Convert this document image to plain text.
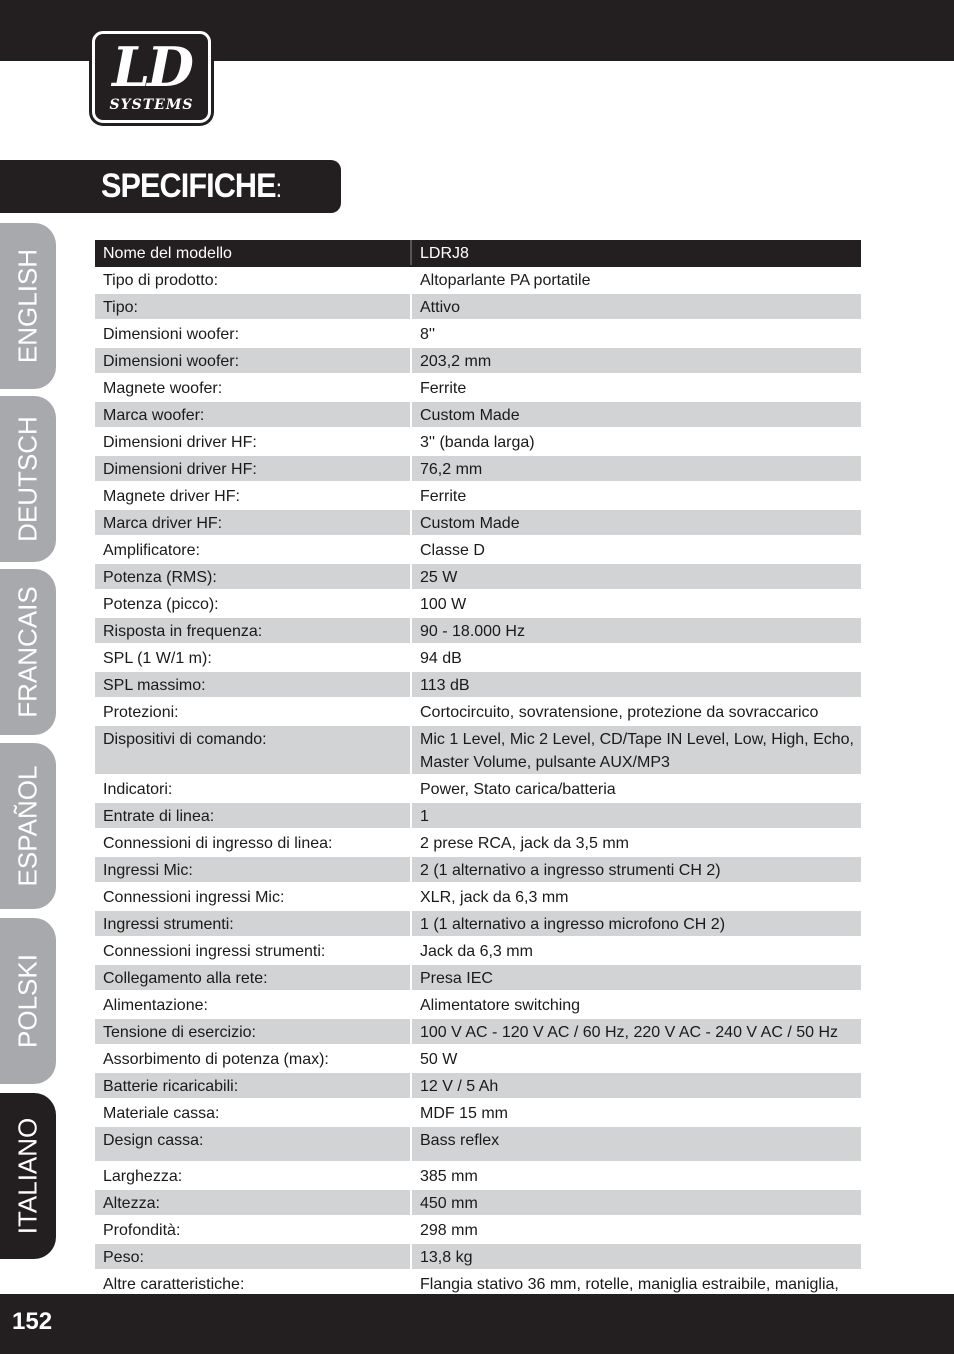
LD
SYSTEMS
SPECIFICHE:
ENGLISH
DEUTSCH
FRANCAIS
ESPAÑOL
POLSKI
ITALIANO
Nome del modello	LDRJ8
Tipo di prodotto:	Altoparlante PA portatile
Tipo:	Attivo
Dimensioni woofer:	8''
Dimensioni woofer:	203,2 mm
Magnete woofer:	Ferrite
Marca woofer:	Custom Made
Dimensioni driver HF:	3'' (banda larga)
Dimensioni driver HF:	76,2 mm
Magnete driver HF:	Ferrite
Marca driver HF:	Custom Made
Amplificatore:	Classe D
Potenza (RMS):	25 W
Potenza (picco):	100 W
Risposta in frequenza:	90 - 18.000 Hz
SPL (1 W/1 m):	94 dB
SPL massimo:	113 dB
Protezioni:	Cortocircuito, sovratensione, protezione da sovraccarico
Dispositivi di comando:	Mic 1 Level, Mic 2 Level, CD/Tape IN Level, Low, High, Echo,
Master Volume, pulsante AUX/MP3

Indicatori:	Power, Stato carica/batteria
Entrate di linea:	1
Connessioni di ingresso di linea:	2 prese RCA, jack da 3,5 mm
Ingressi Mic:	2 (1 alternativo a ingresso strumenti CH 2)
Connessioni ingressi Mic:	XLR, jack da 6,3 mm
Ingressi strumenti:	1 (1 alternativo a ingresso microfono CH 2)
Connessioni ingressi strumenti:	Jack da 6,3 mm
Collegamento alla rete:	Presa IEC
Alimentazione:	Alimentatore switching
Tensione di esercizio:	100 V AC - 120 V AC / 60 Hz, 220 V AC - 240 V AC / 50 Hz
Assorbimento di potenza (max):	50 W
Batterie ricaricabili:	12 V / 5 Ah
Materiale cassa:	MDF 15 mm
Design cassa:	Bass reflex
Larghezza:	385 mm
Altezza:	450 mm
Profondità:	298 mm
Peso:	13,8 kg
Altre caratteristiche:	Flangia stativo 36 mm, rotelle, maniglia estraibile, maniglia,
152
